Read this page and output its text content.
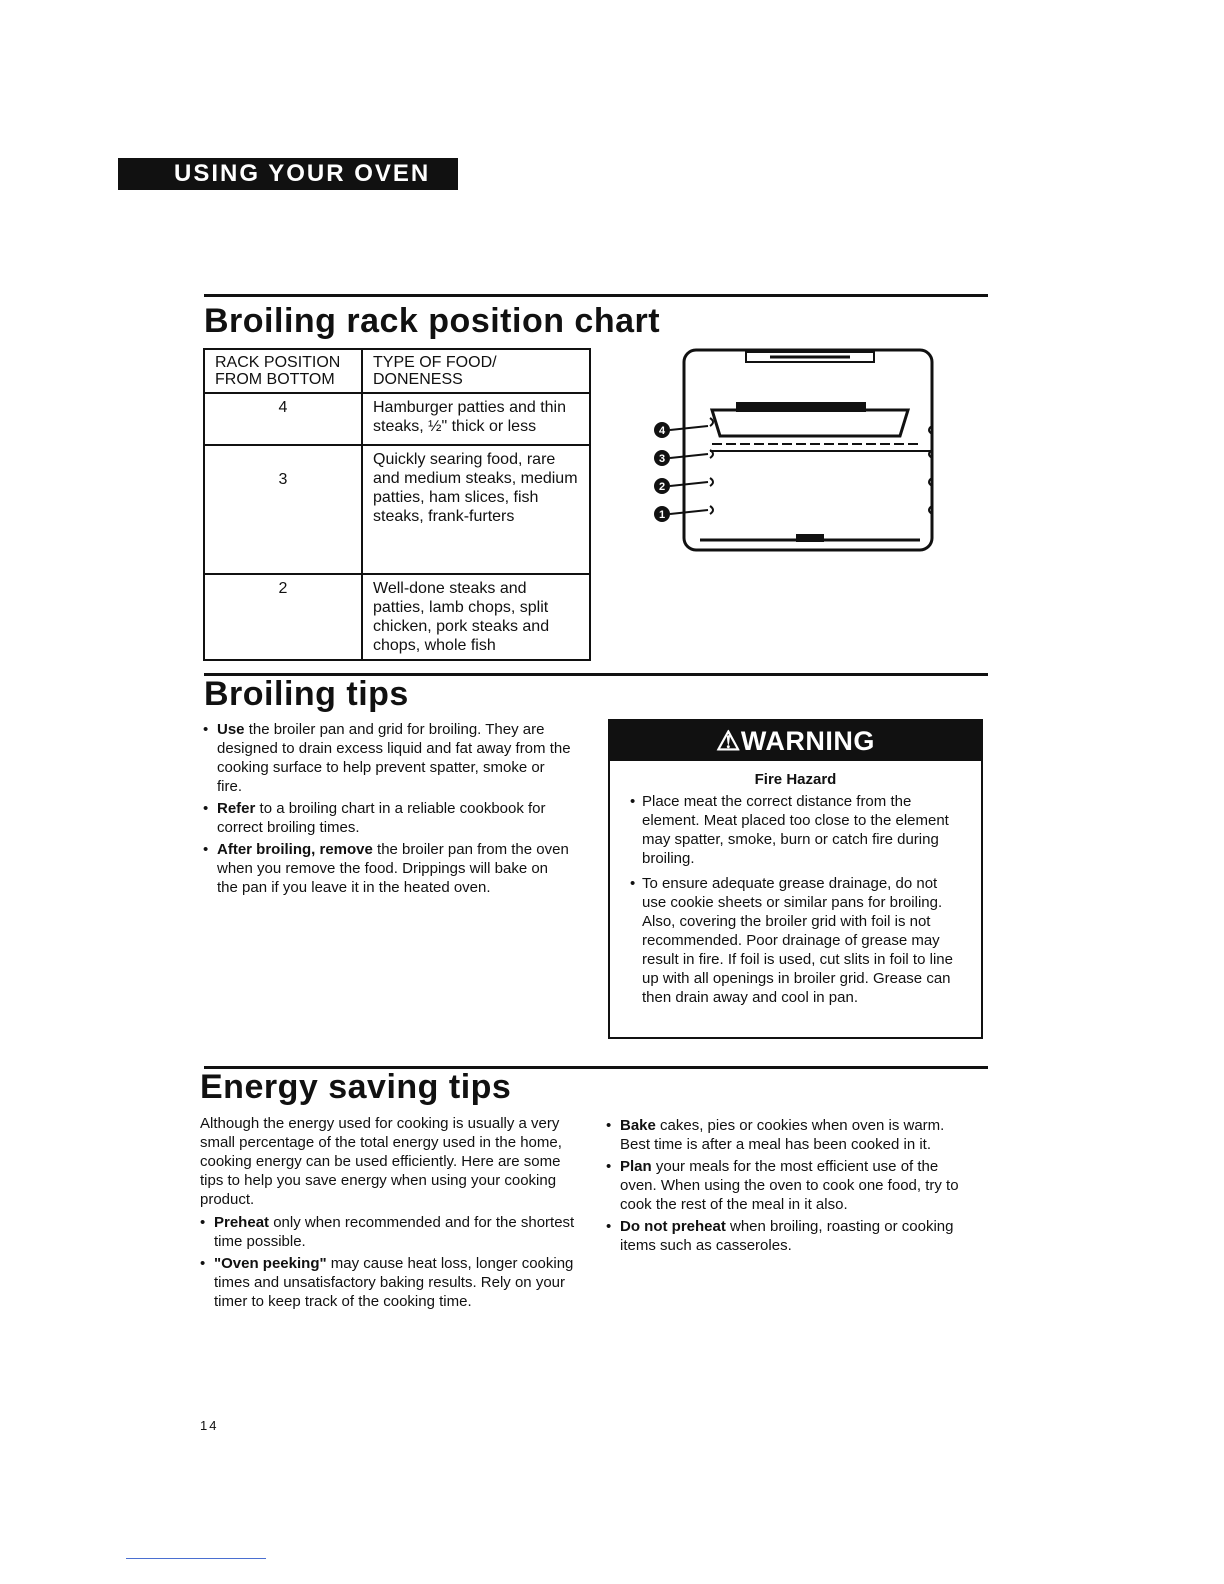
USING YOUR OVEN
Broiling rack position chart
RACK POSITION FROM BOTTOM	TYPE OF FOOD/ DONENESS
4	Hamburger patties and thin steaks, ½" thick or less
3	Quickly searing food, rare and medium steaks, medium patties, ham slices, fish steaks, frank-furters
2	Well-done steaks and patties, lamb chops, split chicken, pork steaks and chops, whole fish
4
3
2
1
Broiling tips
• Use the broiler pan and grid for broiling. They are designed to drain excess liquid and fat away from the cooking surface to help prevent spatter, smoke or fire.
• Refer to a broiling chart in a reliable cookbook for correct broiling times.
• After broiling, remove the broiler pan from the oven when you remove the food. Drippings will bake on the pan if you leave it in the heated oven.
⚠ WARNING
Fire Hazard
• Place meat the correct distance from the element. Meat placed too close to the element may spatter, smoke, burn or catch fire during broiling.
• To ensure adequate grease drainage, do not use cookie sheets or similar pans for broiling. Also, covering the broiler grid with foil is not recommended. Poor drainage of grease may result in fire. If foil is used, cut slits in foil to line up with all openings in broiler grid. Grease can then drain away and cool in pan.
Energy saving tips
Although the energy used for cooking is usually a very small percentage of the total energy used in the home, cooking energy can be used efficiently. Here are some tips to help you save energy when using your cooking product.
• Preheat only when recommended and for the shortest time possible.
• "Oven peeking" may cause heat loss, longer cooking times and unsatisfactory baking results. Rely on your timer to keep track of the cooking time.
• Bake cakes, pies or cookies when oven is warm. Best time is after a meal has been cooked in it.
• Plan your meals for the most efficient use of the oven. When using the oven to cook one food, try to cook the rest of the meal in it also.
• Do not preheat when broiling, roasting or cooking items such as casseroles.
14
